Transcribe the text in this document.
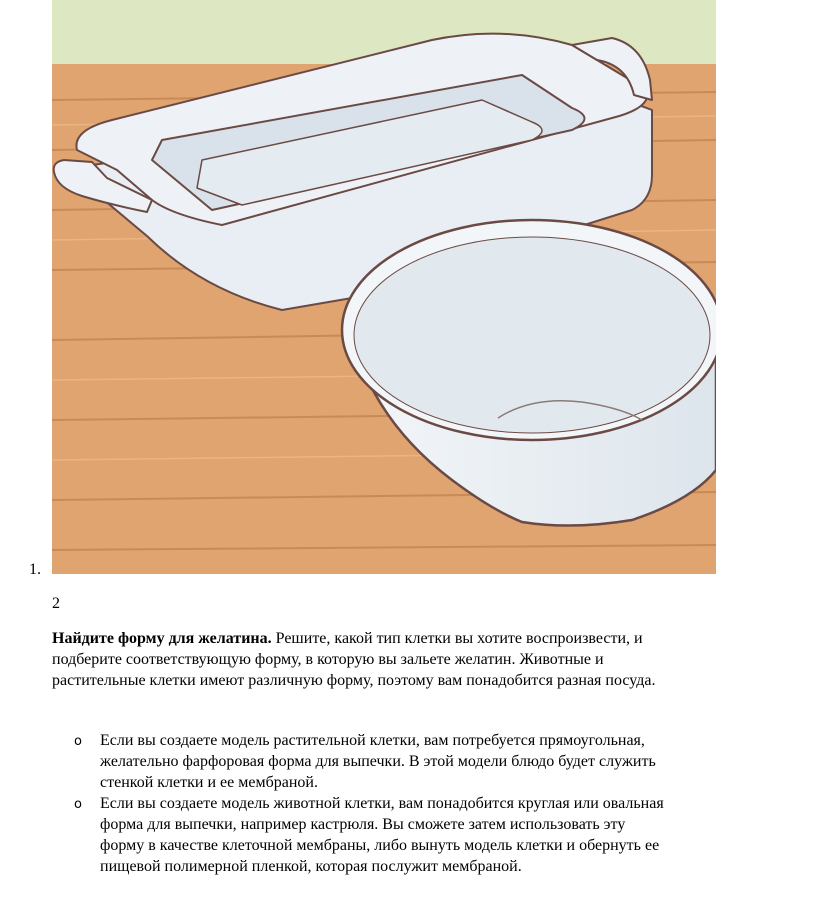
1.
2

Найдите форму для желатина. Решите, какой тип клетки вы хотите воспроизвести, и подберите соответствующую форму, в которую вы зальете желатин. Животные и растительные клетки имеют различную форму, поэтому вам понадобится разная посуда.

o Если вы создаете модель растительной клетки, вам потребуется прямоугольная, желательно фарфоровая форма для выпечки. В этой модели блюдо будет служить стенкой клетки и ее мембраной.
o Если вы создаете модель животной клетки, вам понадобится круглая или овальная форма для выпечки, например кастрюля. Вы сможете затем использовать эту форму в качестве клеточной мембраны, либо вынуть модель клетки и обернуть ее пищевой полимерной пленкой, которая послужит мембраной.
